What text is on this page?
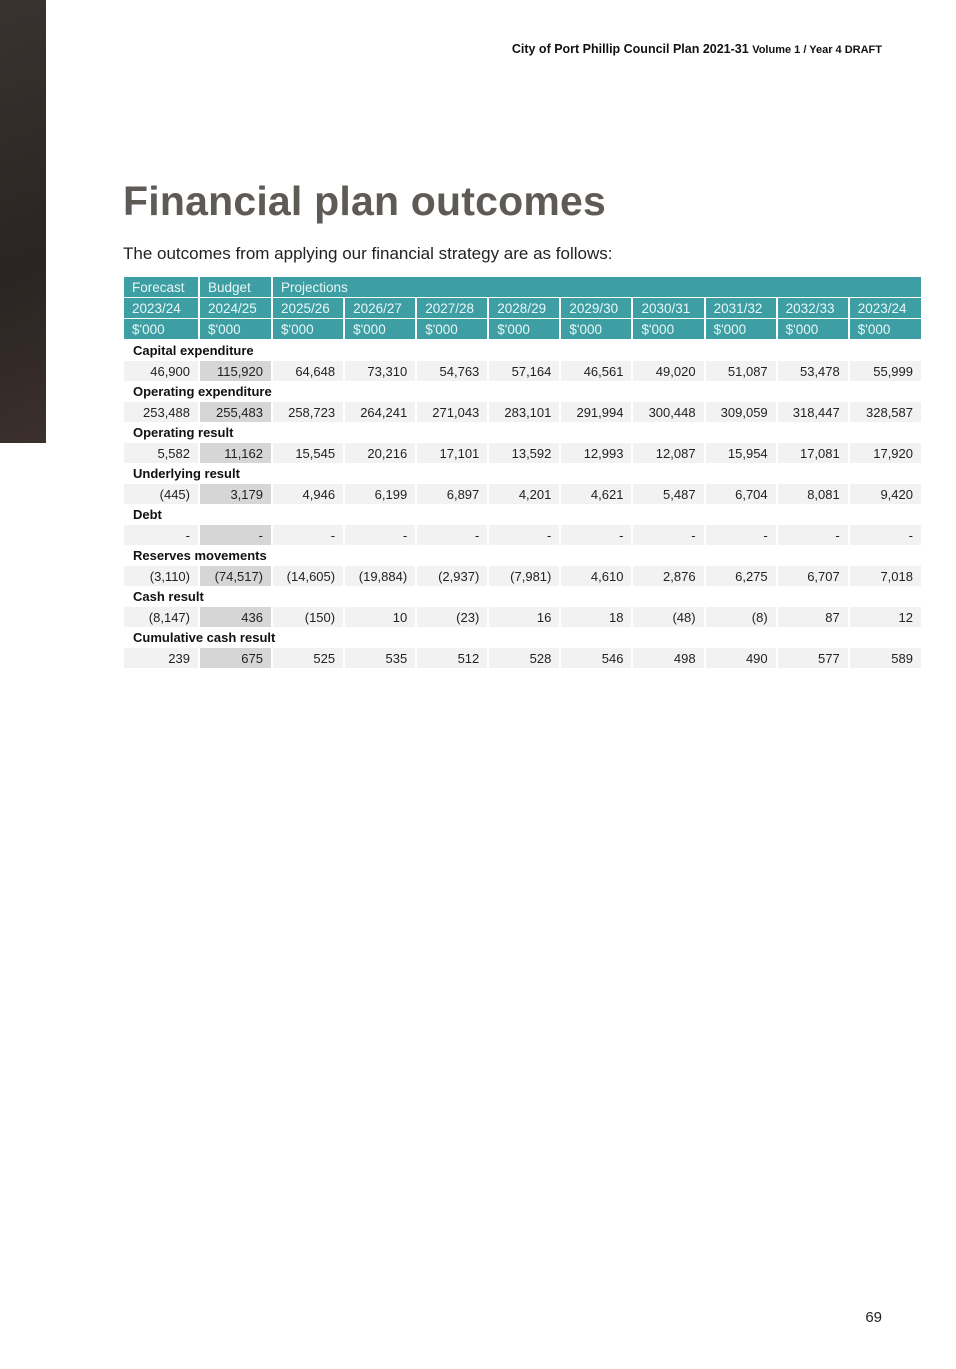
City of Port Phillip Council Plan 2021-31 Volume 1 / Year 4 DRAFT
Financial plan outcomes
The outcomes from applying our financial strategy are as follows:
Forecast	Budget	Projections								
2023/24	2024/25	2025/26	2026/27	2027/28	2028/29	2029/30	2030/31	2031/32	2032/33	2023/24
$'000	$'000	$'000	$'000	$'000	$'000	$'000	$'000	$'000	$'000	$'000
Capital expenditure										
46,900	115,920	64,648	73,310	54,763	57,164	46,561	49,020	51,087	53,478	55,999
Operating expenditure										
253,488	255,483	258,723	264,241	271,043	283,101	291,994	300,448	309,059	318,447	328,587
Operating result										
5,582	11,162	15,545	20,216	17,101	13,592	12,993	12,087	15,954	17,081	17,920
Underlying result										
(445)	3,179	4,946	6,199	6,897	4,201	4,621	5,487	6,704	8,081	9,420
Debt										
-	-	-	-	-	-	-	-	-	-	-
Reserves movements										
(3,110)	(74,517)	(14,605)	(19,884)	(2,937)	(7,981)	4,610	2,876	6,275	6,707	7,018
Cash result										
(8,147)	436	(150)	10	(23)	16	18	(48)	(8)	87	12
Cumulative cash result										
239	675	525	535	512	528	546	498	490	577	589
69
